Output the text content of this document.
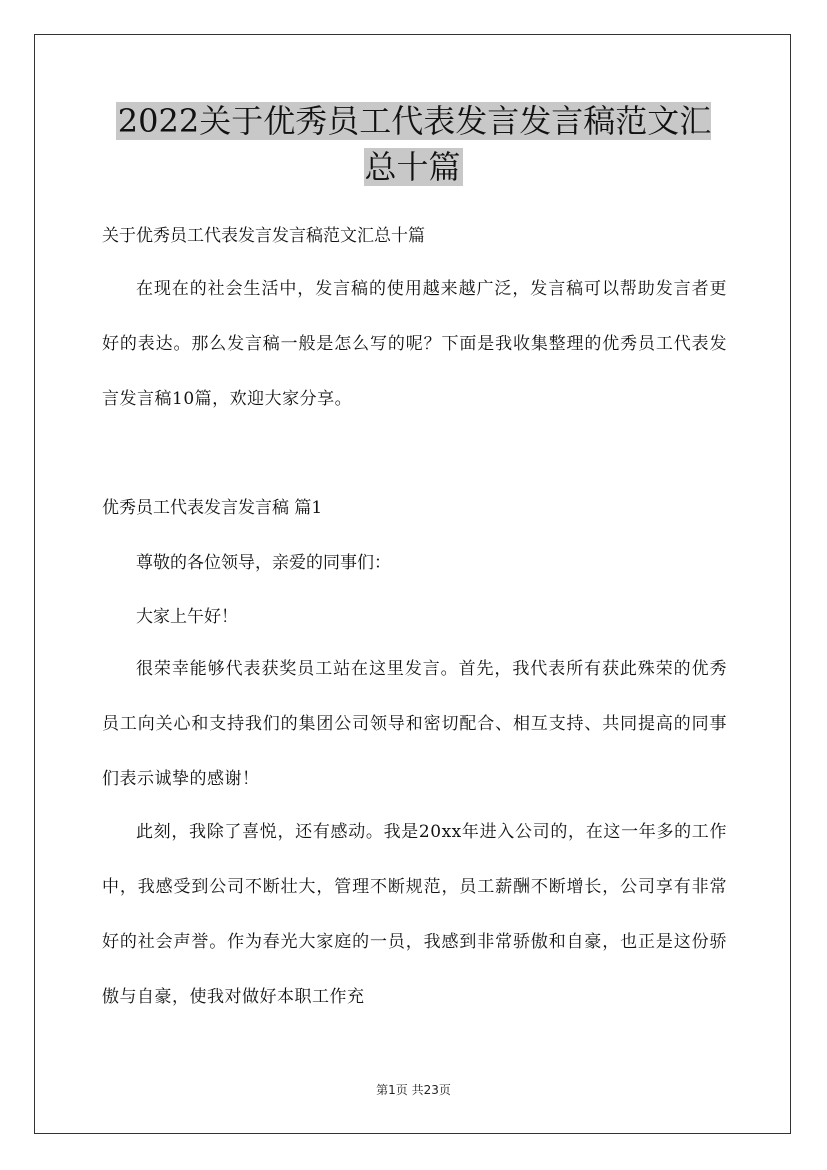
2022关于优秀员工代表发言发言稿范文汇总十篇
关于优秀员工代表发言发言稿范文汇总十篇
在现在的社会生活中，发言稿的使用越来越广泛，发言稿可以帮助发言者更好的表达。那么发言稿一般是怎么写的呢？下面是我收集整理的优秀员工代表发言发言稿10篇，欢迎大家分享。
优秀员工代表发言发言稿 篇1
尊敬的各位领导，亲爱的同事们：
大家上午好！
很荣幸能够代表获奖员工站在这里发言。首先，我代表所有获此殊荣的优秀员工向关心和支持我们的集团公司领导和密切配合、相互支持、共同提高的同事们表示诚挚的感谢！
此刻，我除了喜悦，还有感动。我是20xx年进入公司的，在这一年多的工作中，我感受到公司不断壮大，管理不断规范，员工薪酬不断增长，公司享有非常好的社会声誉。作为春光大家庭的一员，我感到非常骄傲和自豪，也正是这份骄傲与自豪，使我对做好本职工作充
第1页 共23页
